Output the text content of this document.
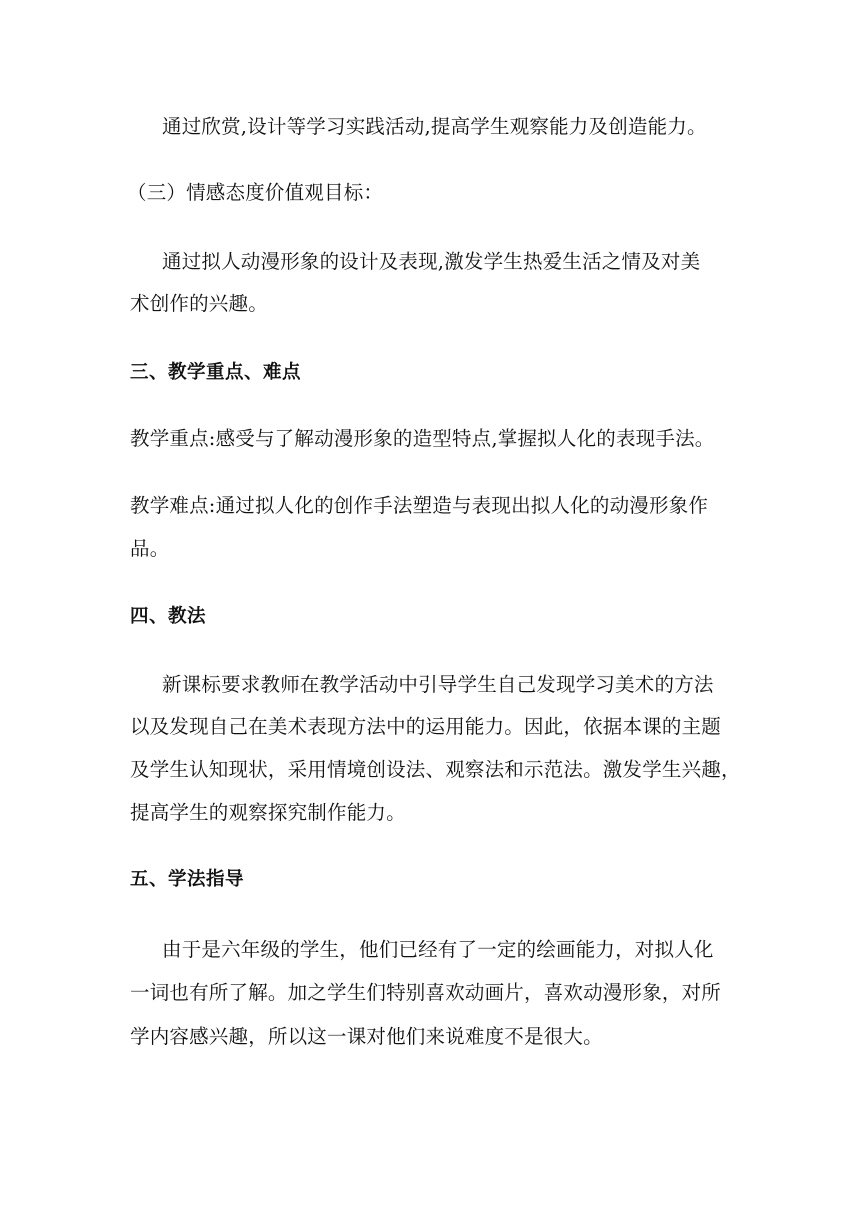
通过欣赏,设计等学习实践活动,提高学生观察能力及创造能力。
（三）情感态度价值观目标：
通过拟人动漫形象的设计及表现,激发学生热爱生活之情及对美
术创作的兴趣。
三、教学重点、难点
教学重点:感受与了解动漫形象的造型特点,掌握拟人化的表现手法。
教学难点:通过拟人化的创作手法塑造与表现出拟人化的动漫形象作
品。
四、教法
新课标要求教师在教学活动中引导学生自己发现学习美术的方法
以及发现自己在美术表现方法中的运用能力。因此，依据本课的主题
及学生认知现状，采用情境创设法、观察法和示范法。激发学生兴趣，
提高学生的观察探究制作能力。
五、学法指导
由于是六年级的学生，他们已经有了一定的绘画能力，对拟人化
一词也有所了解。加之学生们特别喜欢动画片，喜欢动漫形象，对所
学内容感兴趣，所以这一课对他们来说难度不是很大。
